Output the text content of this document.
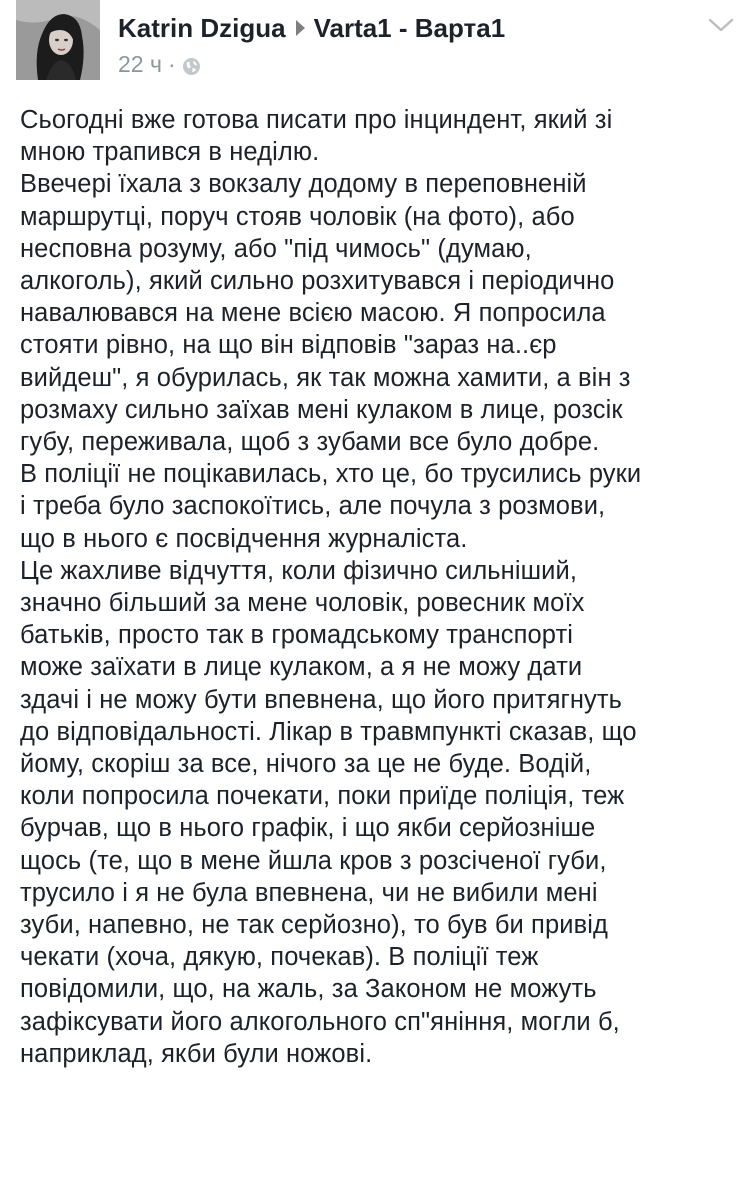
Katrin Dzigua Varta1 - Варта1
22 ч ·

Сьогодні вже готова писати про інциндент, який зі

мною трапився в неділю.

Ввечері їхала з вокзалу додому в переповненій

маршрутці, поруч стояв чоловік (на фото), або

несповна розуму, або "під чимось" (думаю,

алкоголь), який сильно розхитувався і періодично

навалювався на мене всією масою. Я попросила

стояти рівно, на що він відповів "зараз на..єр

вийдеш", я обурилась, як так можна хамити, а він з

розмаху сильно заїхав мені кулаком в лице, розсік

губу, переживала, щоб з зубами все було добре.

В поліції не поцікавилась, хто це, бо трусились руки

і треба було заспокоїтись, але почула з розмови,

що в нього є посвідчення журналіста.

Це жахливе відчуття, коли фізично сильніший,

значно більший за мене чоловік, ровесник моїх

батьків, просто так в громадському транспорті

може заїхати в лице кулаком, а я не можу дати

здачі і не можу бути впевнена, що його притягнуть

до відповідальності. Лікар в травмпункті сказав, що

йому, скоріш за все, нічого за це не буде. Водій,

коли попросила почекати, поки приїде поліція, теж

бурчав, що в нього графік, і що якби серйозніше

щось (те, що в мене йшла кров з розсіченої губи,

трусило і я не була впевнена, чи не вибили мені

зуби, напевно, не так серйозно), то був би привід

чекати (хоча, дякую, почекав). В поліції теж

повідомили, що, на жаль, за Законом не можуть

зафіксувати його алкогольного сп"яніння, могли б,

наприклад, якби були ножові.
